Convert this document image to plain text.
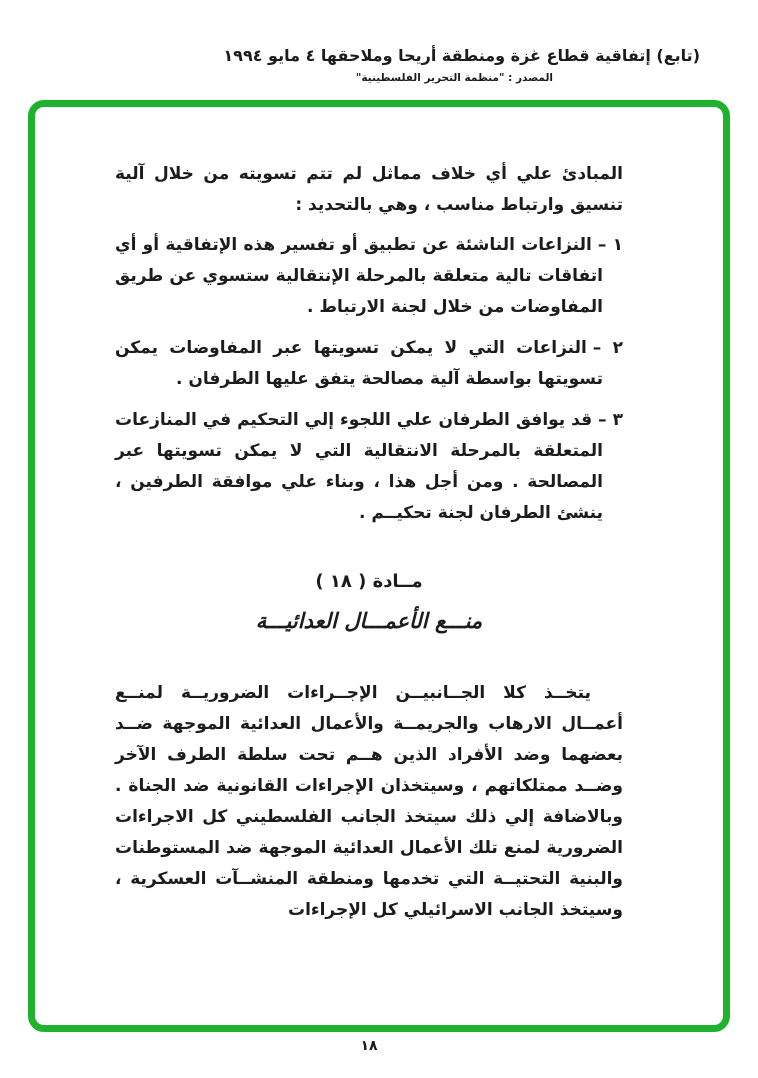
(تابع) إتفاقية قطاع غزة ومنطقة أريحا وملاحقها ٤ مايو ١٩٩٤
المصدر : "منظمة التحرير الفلسطينية"

المبادئ علي أي خلاف مماثل لم تتم تسويته من خلال آلية تنسيق وارتباط مناسب ، وهي بالتحديد :

١ –النزاعات الناشئة عن تطبيق أو تفسير هذه الإتفاقية أو أي اتفاقات تالية متعلقة بالمرحلة الإنتقالية ستسوي عن طريق المفاوضات من خلال لجنة الارتباط .
٢ –النزاعات التي لا يمكن تسويتها عبر المفاوضات يمكن تسويتها بواسطة آلية مصالحة يتفق عليها الطرفان .
٣ –قد يوافق الطرفان علي اللجوء إلي التحكيم في المنازعات المتعلقة بالمرحلة الانتقالية التي لا يمكن تسويتها عبر المصالحة . ومن أجل هذا ، وبناء علي موافقة الطرفين ، ينشئ الطرفان لجنة تحكيــم .
مــادة ( ١٨ )
منـــع الأعمـــال العدائيـــة

يتخــذ كلا الجــانبيــن الإجــراءات الضروريــة لمنــع أعمــال الارهاب والجريمــة والأعمال العدائية الموجهة ضــد بعضهما وضد الأفراد الذين هــم تحت سلطة الطرف الآخر وضــد ممتلكاتهم ، وسيتخذان الإجراءات القانونية ضد الجناة . وبالاضافة إلي ذلك سيتخذ الجانب الفلسطيني كل الاجراءات الضرورية لمنع تلك الأعمال العدائية الموجهة ضد المستوطنات والبنية التحتيــة التي تخدمها ومنطقة المنشــآت العسكرية ، وسيتخذ الجانب الاسرائيلي كل الإجراءات

١٨
